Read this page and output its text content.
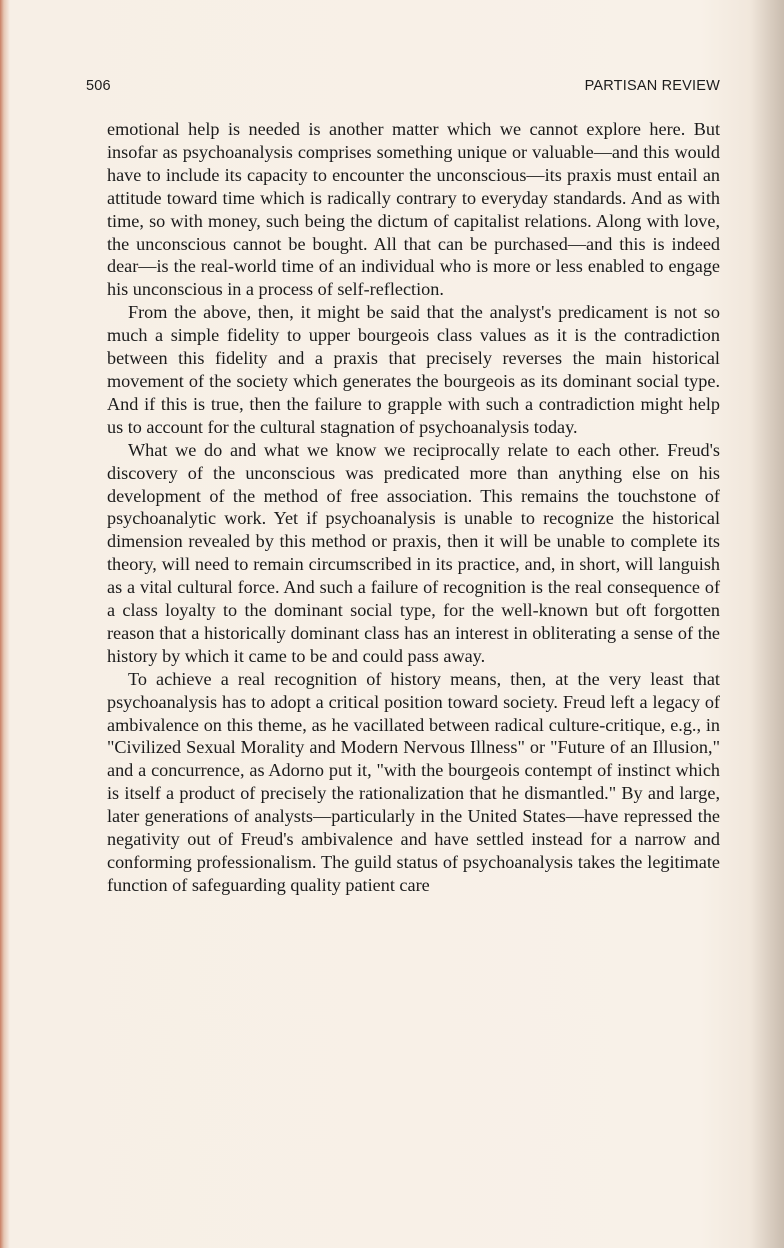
506	PARTISAN REVIEW

emotional help is needed is another matter which we cannot explore here. But insofar as psychoanalysis comprises something unique or valuable—and this would have to include its capacity to encounter the unconscious—its praxis must entail an attitude toward time which is radically contrary to everyday standards. And as with time, so with money, such being the dictum of capitalist relations. Along with love, the unconscious cannot be bought. All that can be purchased—and this is indeed dear—is the real-world time of an individual who is more or less enabled to engage his unconscious in a process of self-reflection.

From the above, then, it might be said that the analyst's predicament is not so much a simple fidelity to upper bourgeois class values as it is the contradiction between this fidelity and a praxis that precisely reverses the main historical movement of the society which generates the bourgeois as its dominant social type. And if this is true, then the failure to grapple with such a contradiction might help us to account for the cultural stagnation of psychoanalysis today.

What we do and what we know we reciprocally relate to each other. Freud's discovery of the unconscious was predicated more than anything else on his development of the method of free association. This remains the touchstone of psychoanalytic work. Yet if psychoanalysis is unable to recognize the historical dimension revealed by this method or praxis, then it will be unable to complete its theory, will need to remain circumscribed in its practice, and, in short, will languish as a vital cultural force. And such a failure of recognition is the real consequence of a class loyalty to the dominant social type, for the well-known but oft forgotten reason that a historically dominant class has an interest in obliterating a sense of the history by which it came to be and could pass away.

To achieve a real recognition of history means, then, at the very least that psychoanalysis has to adopt a critical position toward society. Freud left a legacy of ambivalence on this theme, as he vacillated between radical culture-critique, e.g., in "Civilized Sexual Morality and Modern Nervous Illness" or "Future of an Illusion," and a concurrence, as Adorno put it, "with the bourgeois contempt of instinct which is itself a product of precisely the rationalization that he dismantled." By and large, later generations of analysts—particularly in the United States—have repressed the negativity out of Freud's ambivalence and have settled instead for a narrow and conforming professionalism. The guild status of psychoanalysis takes the legitimate function of safeguarding quality patient care
